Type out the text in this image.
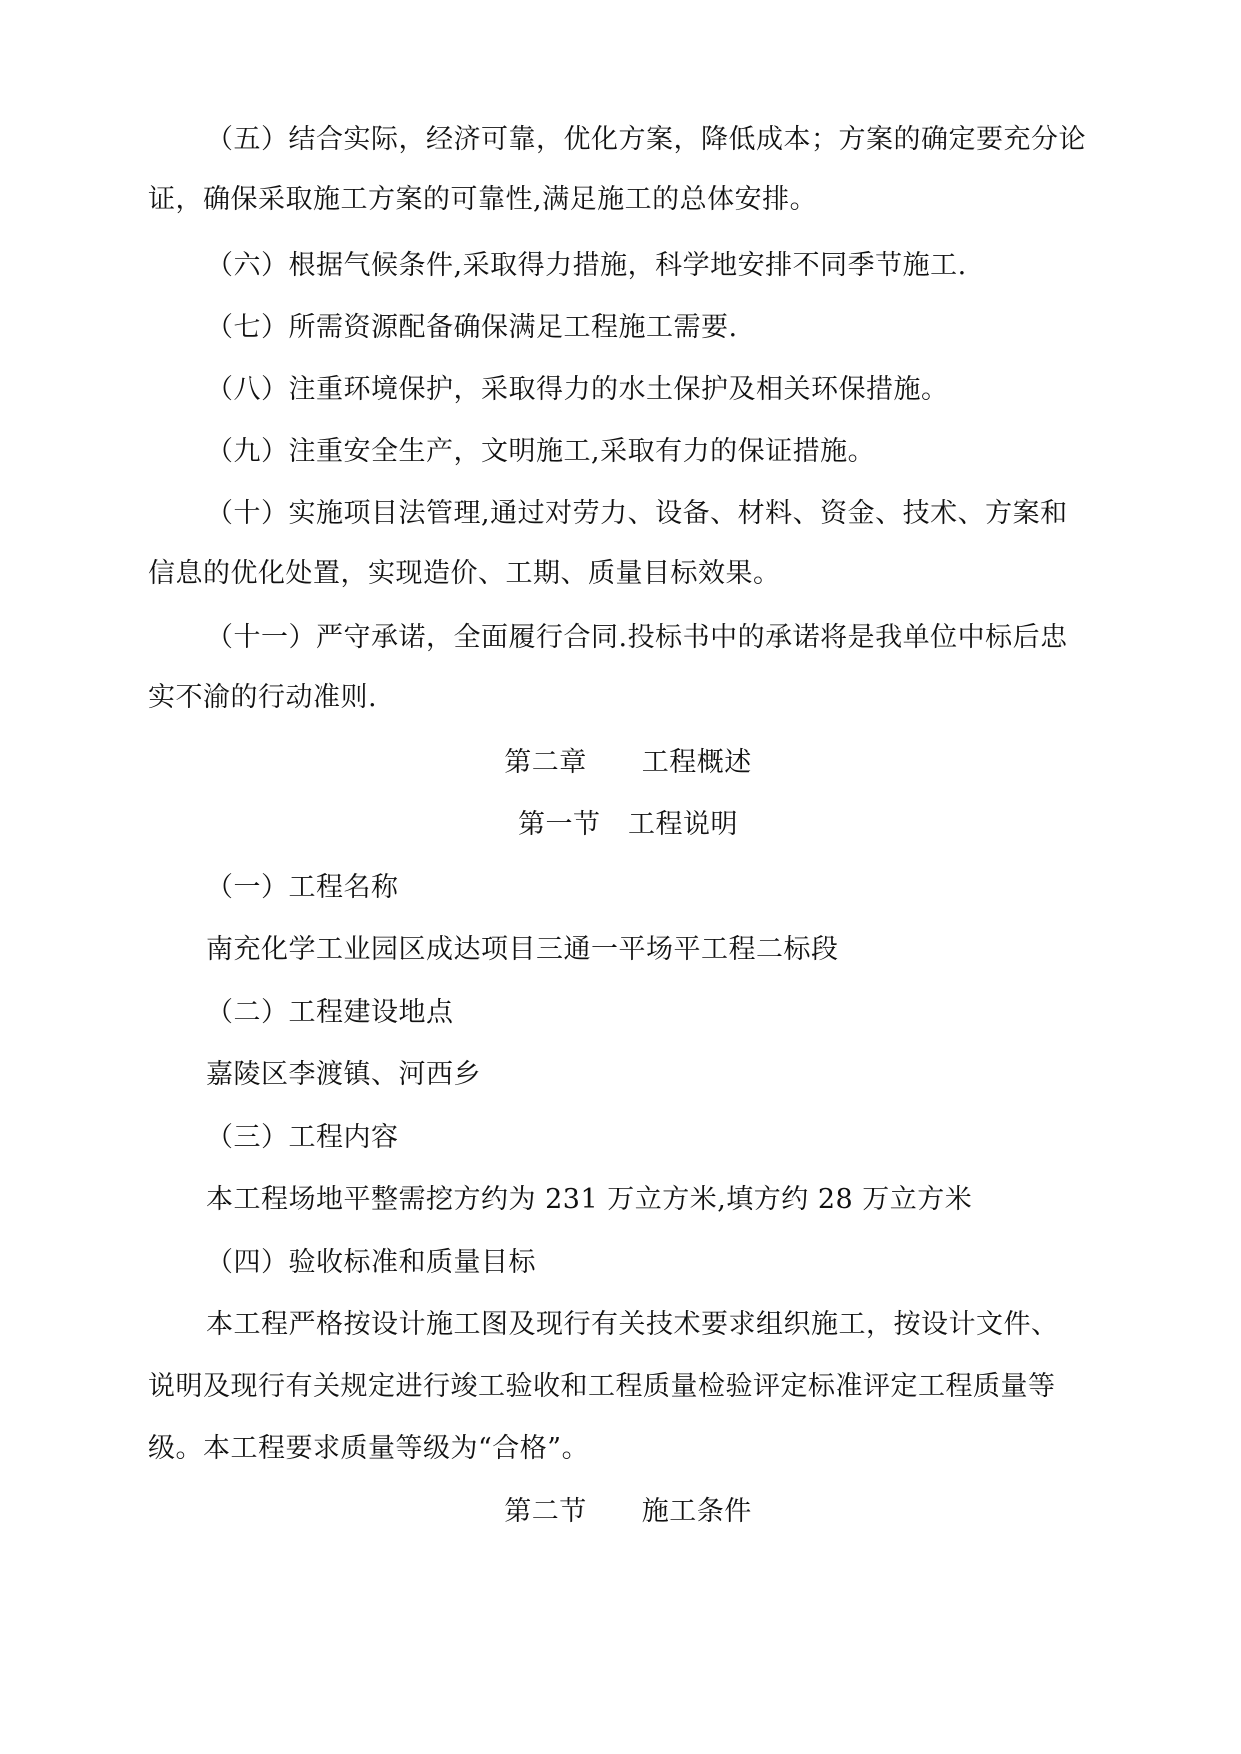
（五）结合实际，经济可靠，优化方案，降低成本；方案的确定要充分论
证，确保采取施工方案的可靠性,满足施工的总体安排。
（六）根据气候条件,采取得力措施，科学地安排不同季节施工.
（七）所需资源配备确保满足工程施工需要.
（八）注重环境保护，采取得力的水土保护及相关环保措施。
（九）注重安全生产，文明施工,采取有力的保证措施。
（十）实施项目法管理,通过对劳力、设备、材料、资金、技术、方案和
信息的优化处置，实现造价、工期、质量目标效果。
（十一）严守承诺，全面履行合同.投标书中的承诺将是我单位中标后忠
实不渝的行动准则.
第二章　　工程概述
第一节　工程说明
（一）工程名称
南充化学工业园区成达项目三通一平场平工程二标段
（二）工程建设地点
嘉陵区李渡镇、河西乡
（三）工程内容
本工程场地平整需挖方约为 231 万立方米,填方约 28 万立方米
（四）验收标准和质量目标
本工程严格按设计施工图及现行有关技术要求组织施工，按设计文件、
说明及现行有关规定进行竣工验收和工程质量检验评定标准评定工程质量等
级。本工程要求质量等级为“合格”。
第二节　　施工条件
